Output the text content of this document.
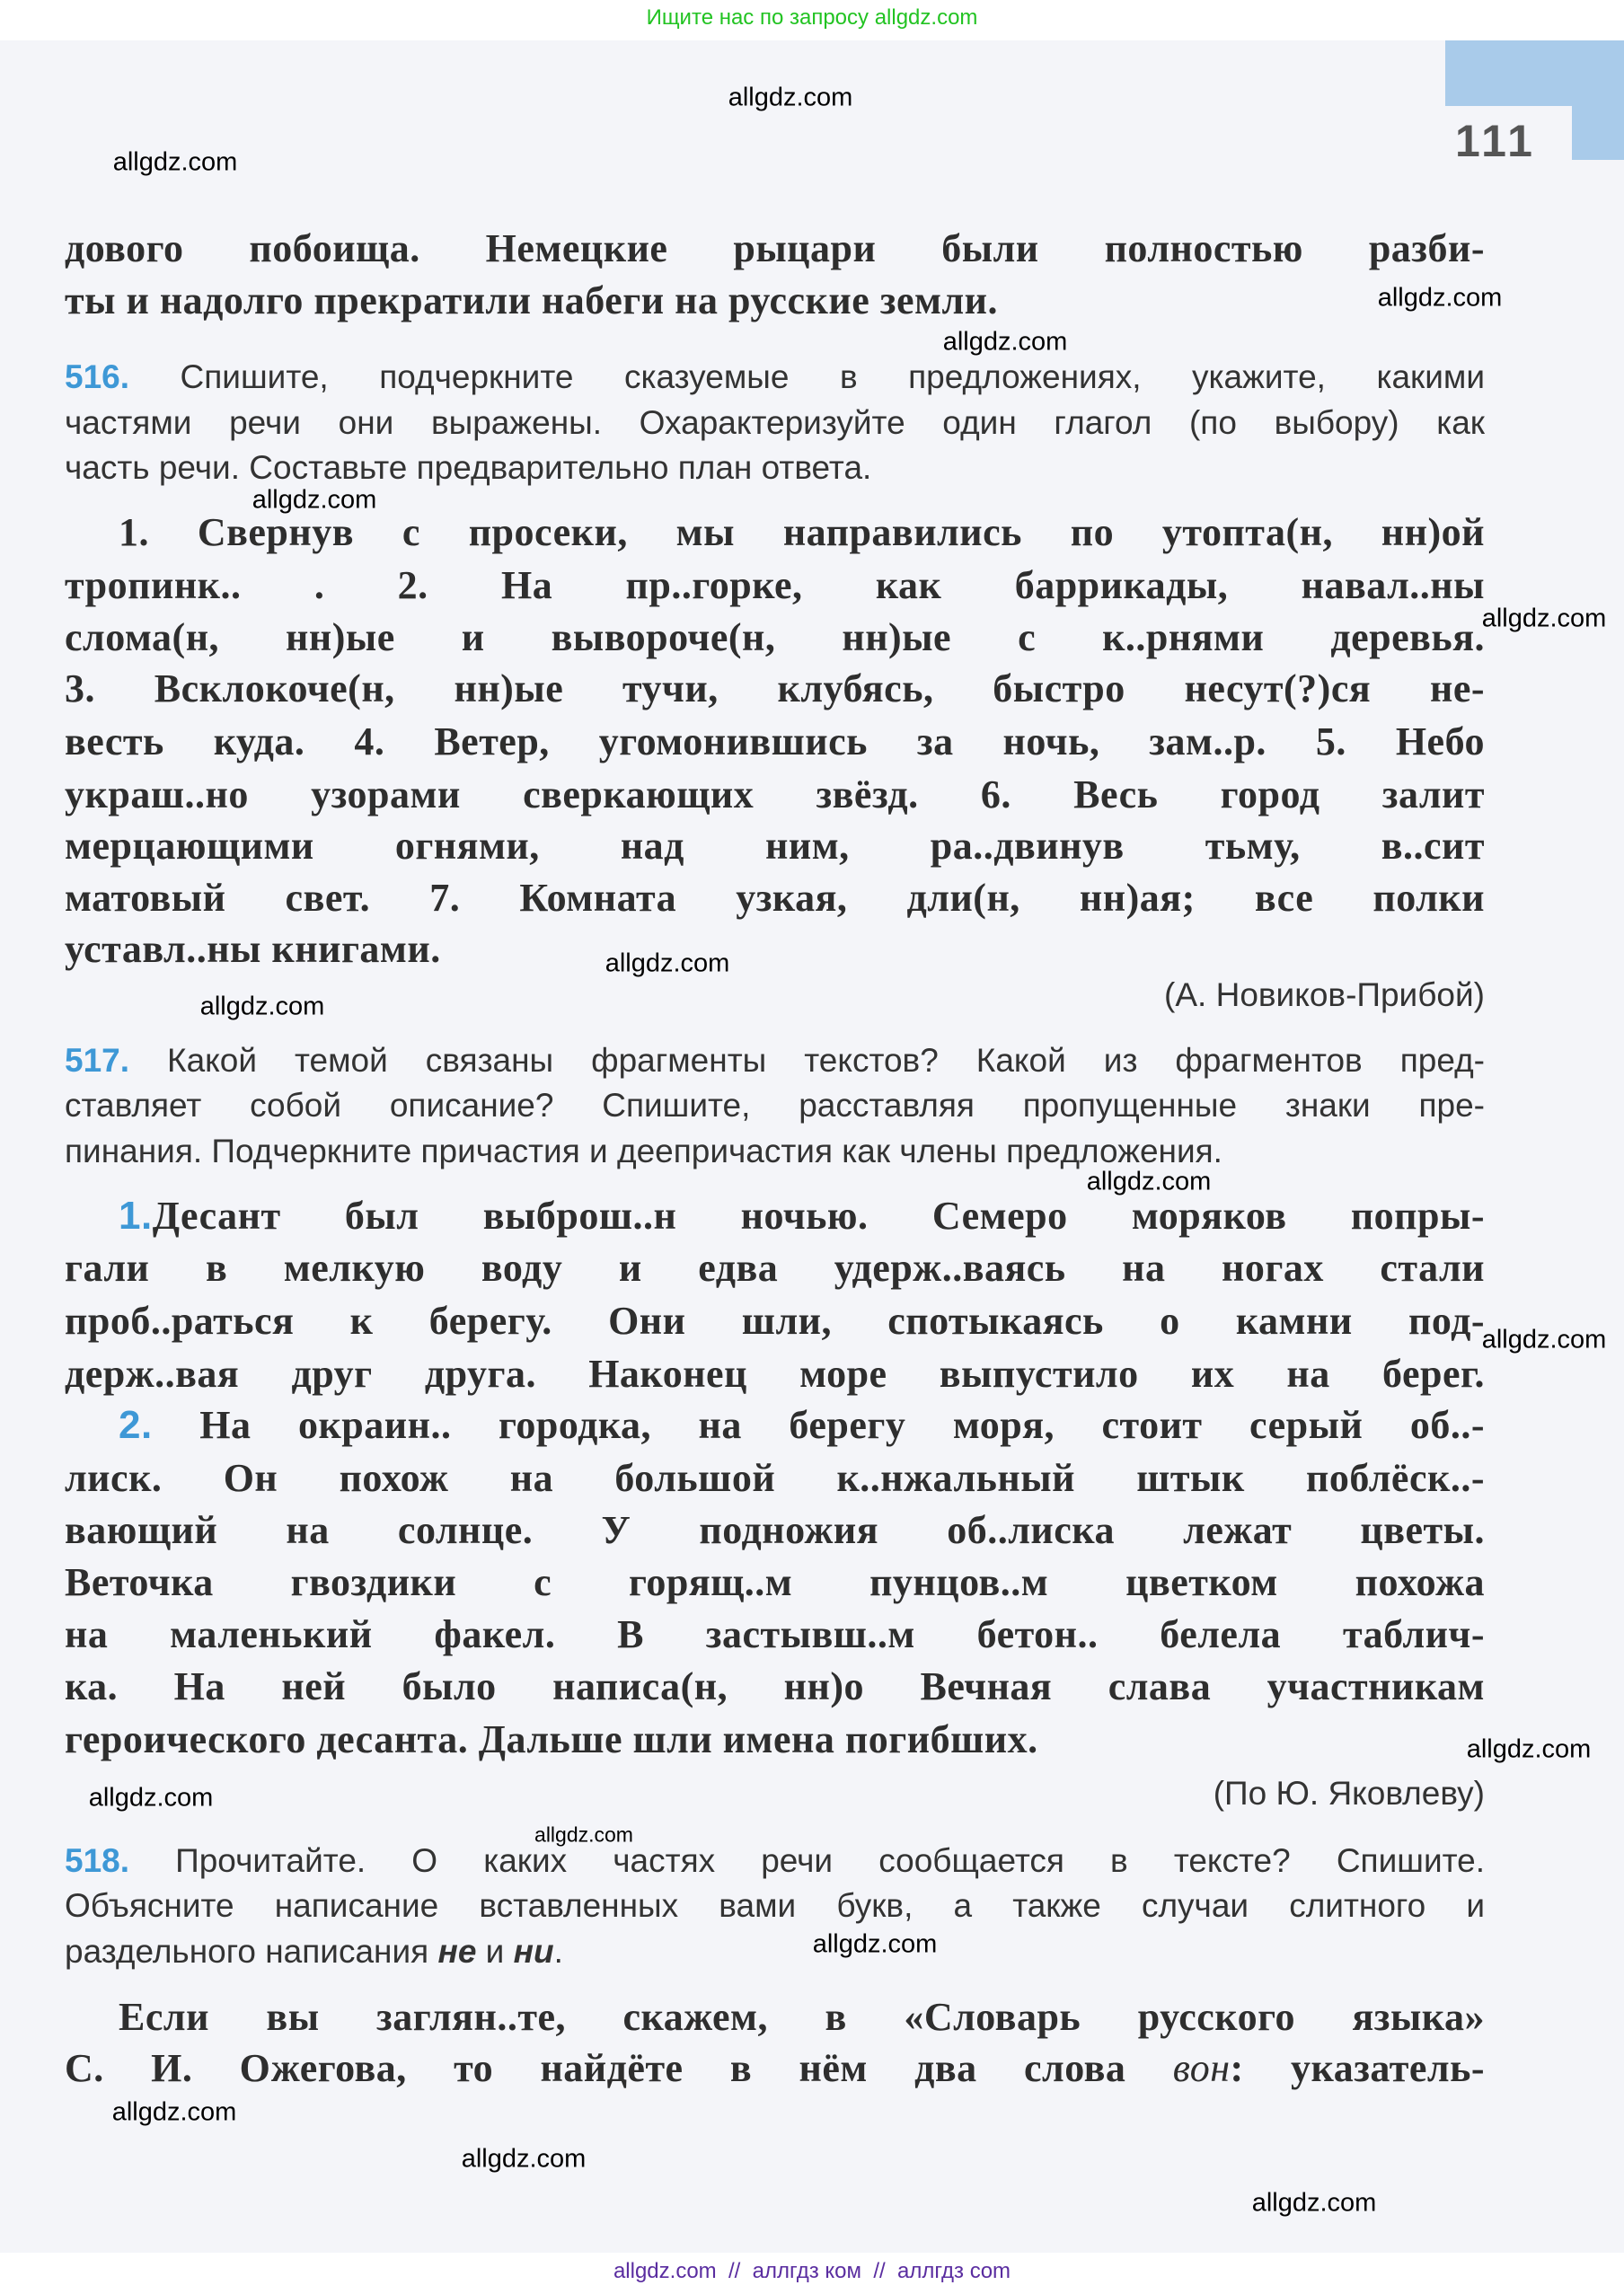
Ищите нас по запросу allgdz.com
111
дового побоища. Немецкие рыцари были полностью разби-
ты и надолго прекратили набеги на русские земли.
516. Спишите, подчеркните сказуемые в предложениях, укажите, какими
частями речи они выражены. Охарактеризуйте один глагол (по выбору) как
часть речи. Составьте предварительно план ответа.
1. Свернув с просеки, мы направились по утопта(н, нн)ой
тропинк.. . 2. На пр..горке, как баррикады, навал..ны
слома(н, нн)ые и вывороче(н, нн)ые с к..рнями деревья.
3. Всклокоче(н, нн)ые тучи, клубясь, быстро несут(?)ся не-
весть куда. 4. Ветер, угомонившись за ночь, зам..р. 5. Небо
украш..но узорами сверкающих звёзд. 6. Весь город залит
мерцающими огнями, над ним, ра..двинув тьму, в..сит
матовый свет. 7. Комната узкая, дли(н, нн)ая; все полки
уставл..ны книгами.
(А. Новиков-Прибой)
517. Какой темой связаны фрагменты текстов? Какой из фрагментов пред-
ставляет собой описание? Спишите, расставляя пропущенные знаки пре-
пинания. Подчеркните причастия и деепричастия как члены предложения.
1.Десант был выброш..н ночью. Семеро моряков попры-
гали в мелкую воду и едва удерж..ваясь на ногах стали
проб..раться к берегу. Они шли, спотыкаясь о камни под-
держ..вая друг друга. Наконец море выпустило их на берег.
2. На окраин.. городка, на берегу моря, стоит серый об..-
лиск. Он похож на большой к..нжальный штык поблёск..-
вающий на солнце. У подножия об..лиска лежат цветы.
Веточка гвоздики с горящ..м пунцов..м цветком похожа
на маленький факел. В застывш..м бетон.. белела таблич-
ка. На ней было написа(н, нн)о Вечная слава участникам
героического десанта. Дальше шли имена погибших.
(По Ю. Яковлеву)
518. Прочитайте. О каких частях речи сообщается в тексте? Спишите.
Объясните написание вставленных вами букв, а также случаи слитного и
раздельного написания не и ни.
Если вы заглян..те, скажем, в «Словарь русского языка»
С. И. Ожегова, то найдёте в нём два слова вон: указатель-
allgdz.com
allgdz.com
allgdz.com
allgdz.com
allgdz.com
allgdz.com
allgdz.com
allgdz.com
allgdz.com
allgdz.com
allgdz.com
allgdz.com
allgdz.com
allgdz.com
allgdz.com
allgdz.com
allgdz.com
allgdz.com  //  аллгдз ком  //  аллгдз com
